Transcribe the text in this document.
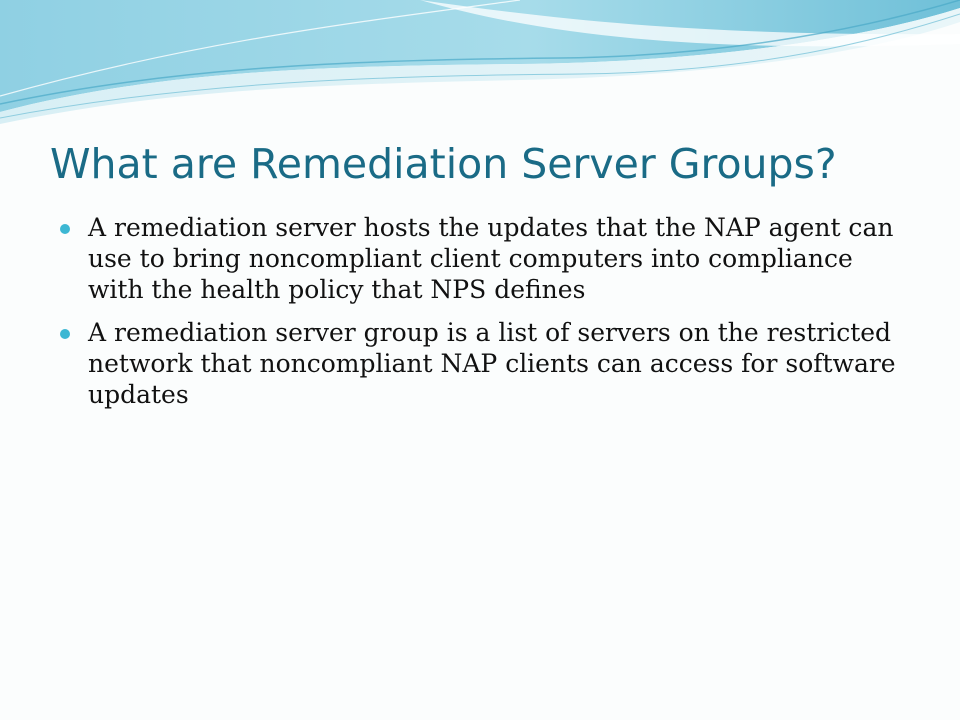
What are Remediation Server Groups?
A remediation server hosts the updates that the NAP agent can use to bring noncompliant client computers into compliance with the health policy that NPS defines
A remediation server group is a list of servers on the restricted network that noncompliant NAP clients can access for software updates
